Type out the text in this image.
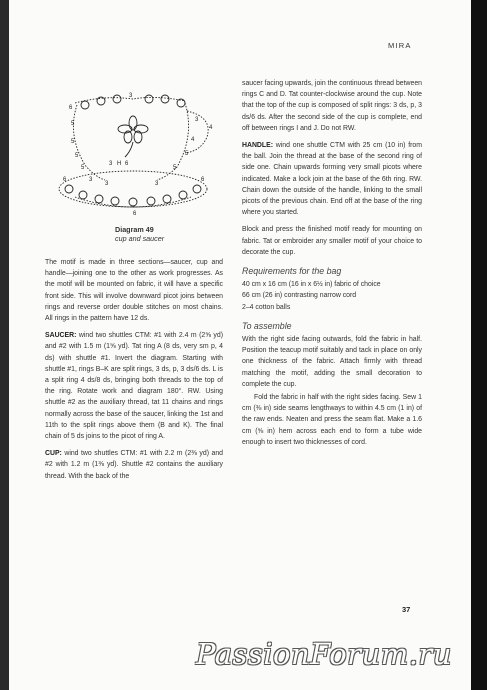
MIRA
6
3
5
3
5
4
4
5	5
5
3 H 6
5
3
3	3
6	6
6
Diagram 49
cup and saucer

The motif is made in three sections—saucer, cup and handle—joining one to the other as work progresses. As the motif will be mounted on fabric, it will have a specific front side. This will involve downward picot joins between rings and reverse order double stitches on most chains. All rings in the pattern have 12 ds.

SAUCER: wind two shuttles CTM: #1 with 2.4 m (2⅝ yd) and #2 with 1.5 m (1⅝ yd). Tat ring A (8 ds, very sm p, 4 ds) with shuttle #1. Invert the diagram. Starting with shuttle #1, rings B–K are split rings, 3 ds, p, 3 ds/6 ds. L is a split ring 4 ds/8 ds, bringing both threads to the top of the ring. Rotate work and diagram 180°. RW. Using shuttle #2 as the auxiliary thread, tat 11 chains and rings normally across the base of the saucer, linking the 1st and 11th to the split rings above them (B and K). The final chain of 5 ds joins to the picot of ring A.

CUP: wind two shuttles CTM: #1 with 2.2 m (2⅜ yd) and #2 with 1.2 m (1⅜ yd). Shuttle #2 contains the auxiliary thread. With the back of the

saucer facing upwards, join the continuous thread between rings C and D. Tat counter-clockwise around the cup. Note that the top of the cup is composed of split rings: 3 ds, p, 3 ds/6 ds. After the second side of the cup is complete, end off between rings I and J. Do not RW.

HANDLE: wind one shuttle CTM with 25 cm (10 in) from the ball. Join the thread at the base of the second ring of side one. Chain upwards forming very small picots where indicated. Make a lock join at the base of the 6th ring. RW. Chain down the outside of the handle, linking to the small picots of the previous chain. End off at the base of the ring where you started.

Block and press the finished motif ready for mounting on fabric. Tat or embroider any smaller motif of your choice to decorate the cup.

Requirements for the bag
40 cm x 16 cm (16 in x 6½ in) fabric of choice
66 cm (26 in) contrasting narrow cord
2–4 cotton balls
To assemble

With the right side facing outwards, fold the fabric in half. Position the teacup motif suitably and tack in place on only one thickness of the fabric. Attach firmly with thread matching the motif, adding the small decoration to complete the cup.

Fold the fabric in half with the right sides facing. Sew 1 cm (⅜ in) side seams lengthways to within 4.5 cm (1 in) of the raw ends. Neaten and press the seam flat. Make a 1.6 cm (⅝ in) hem across each end to form a tube wide enough to insert two thicknesses of cord.

37
PassionForum.ru
